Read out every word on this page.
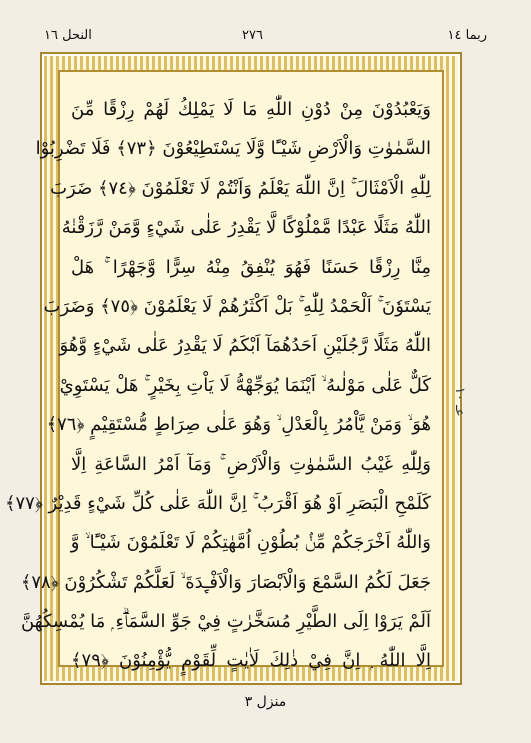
النحل ١٦	٢٧٦	ربما ١٤
وَيَعْبُدُوْنَ مِنْ دُوْنِ اللّٰهِ مَا لَا يَمْلِكُ لَهُمْ رِزْقًا مِّنَ
السَّمٰوٰتِ وَالْاَرْضِ شَيْـًٔا وَّلَا يَسْتَطِيْعُوْنَ ﴿٧٣﴾ فَلَا تَضْرِبُوْا
لِلّٰهِ الْاَمْثَالَ ۚ اِنَّ اللّٰهَ يَعْلَمُ وَاَنْتُمْ لَا تَعْلَمُوْنَ ﴿٧٤﴾ ضَرَبَ
اللّٰهُ مَثَلًا عَبْدًا مَّمْلُوْكًا لَّا يَقْدِرُ عَلٰى شَيْءٍ وَّمَنْ رَّزَقْنٰهُ
مِنَّا رِزْقًا حَسَنًا فَهُوَ يُنْفِقُ مِنْهُ سِرًّا وَّجَهْرًا ۚ هَلْ
يَسْتَوٗنَ ۚ اَلْحَمْدُ لِلّٰهِ ۚ بَلْ اَكْثَرُهُمْ لَا يَعْلَمُوْنَ ﴿٧٥﴾ وَضَرَبَ
اللّٰهُ مَثَلًا رَّجُلَيْنِ اَحَدُهُمَآ اَبْكَمُ لَا يَقْدِرُ عَلٰى شَيْءٍ وَّهُوَ
كَلٌّ عَلٰى مَوْلٰىهُ ۙ اَيْنَمَا يُوَجِّهْهُّ لَا يَاْتِ بِخَيْرٍ ۚ هَلْ يَسْتَوِيْ
هُوَ ۙ وَمَنْ يَّاْمُرُ بِالْعَدْلِ ۙ وَهُوَ عَلٰى صِرَاطٍ مُّسْتَقِيْمٍ ﴿٧٦﴾
وَلِلّٰهِ غَيْبُ السَّمٰوٰتِ وَالْاَرْضِ ۚ وَمَآ اَمْرُ السَّاعَةِ اِلَّا
كَلَمْحِ الْبَصَرِ اَوْ هُوَ اَقْرَبُ ۚ اِنَّ اللّٰهَ عَلٰى كُلِّ شَيْءٍ قَدِيْرٌ ﴿٧٧﴾
وَاللّٰهُ اَخْرَجَكُمْ مِّنْۢ بُطُوْنِ اُمَّهٰتِكُمْ لَا تَعْلَمُوْنَ شَيْـًٔا ۙ وَّ
جَعَلَ لَكُمُ السَّمْعَ وَالْاَبْصَارَ وَالْاَفْـِٕدَةَ ۙ لَعَلَّكُمْ تَشْكُرُوْنَ ﴿٧٨﴾
اَلَمْ يَرَوْا اِلَى الطَّيْرِ مُسَخَّرٰتٍ فِيْ جَوِّ السَّمَاۗءِ ۭ مَا يُمْسِكُهُنَّ
اِلَّا اللّٰهُ ۭ اِنَّ فِيْ ذٰلِكَ لَاٰيٰتٍ لِّقَوْمٍ يُّؤْمِنُوْنَ ﴿٧٩﴾
عـ ١٠
منزل ٣
